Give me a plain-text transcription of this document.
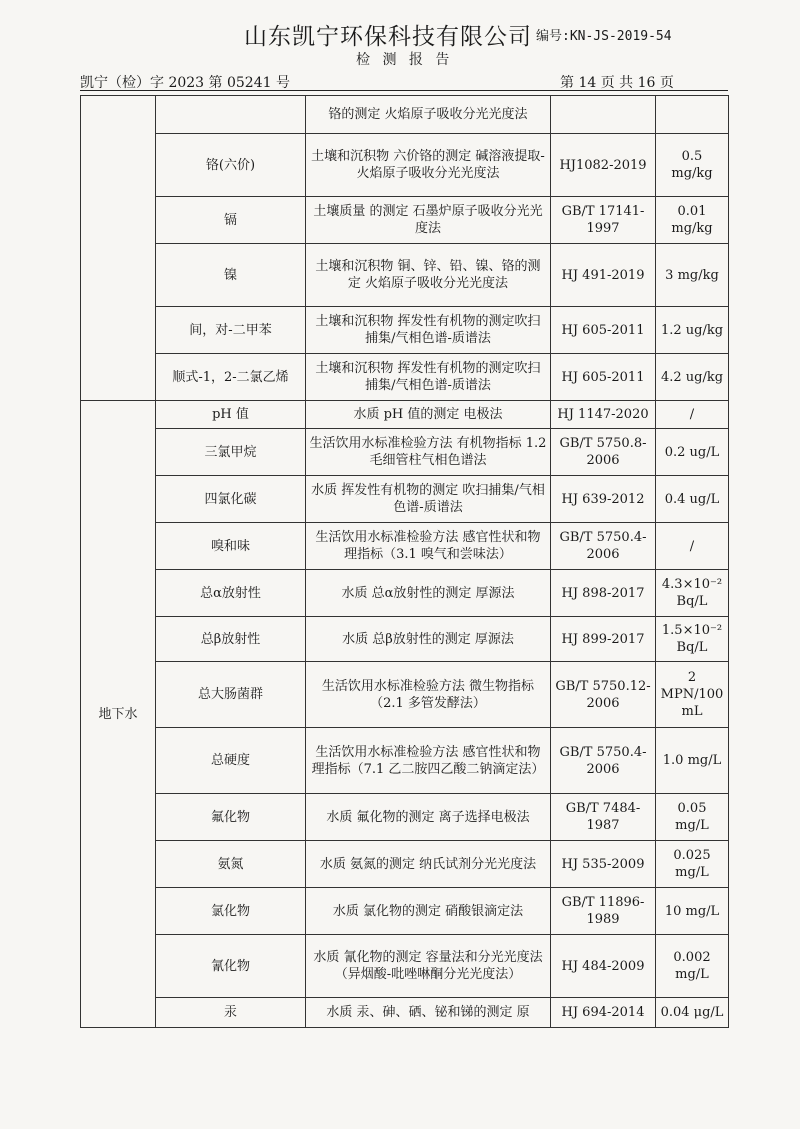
山东凯宁环保科技有限公司 编号:KN-JS-2019-54
检 测 报 告
凯宁（检）字 2023 第 05241 号	第 14 页 共 16 页
		铬的测定 火焰原子吸收分光光度法		
	铬(六价)	土壤和沉积物 六价铬的测定 碱溶液提取-火焰原子吸收分光光度法	HJ1082-2019	0.5 mg/kg
	镉	土壤质量 的测定 石墨炉原子吸收分光光度法	GB/T 17141-1997	0.01 mg/kg
	镍	土壤和沉积物 铜、锌、铅、镍、铬的测定 火焰原子吸收分光光度法	HJ 491-2019	3 mg/kg
	间，对-二甲苯	土壤和沉积物 挥发性有机物的测定吹扫捕集/气相色谱-质谱法	HJ 605-2011	1.2 ug/kg
	顺式-1，2-二氯乙烯	土壤和沉积物 挥发性有机物的测定吹扫捕集/气相色谱-质谱法	HJ 605-2011	4.2 ug/kg
地下水	pH 值	水质 pH 值的测定 电极法	HJ 1147-2020	/
	三氯甲烷	生活饮用水标准检验方法 有机物指标 1.2 毛细管柱气相色谱法	GB/T 5750.8-2006	0.2 ug/L
	四氯化碳	水质 挥发性有机物的测定 吹扫捕集/气相色谱-质谱法	HJ 639-2012	0.4 ug/L
	嗅和味	生活饮用水标准检验方法 感官性状和物理指标（3.1 嗅气和尝味法）	GB/T 5750.4-2006	/
	总α放射性	水质 总α放射性的测定 厚源法	HJ 898-2017	4.3×10⁻² Bq/L
	总β放射性	水质 总β放射性的测定 厚源法	HJ 899-2017	1.5×10⁻² Bq/L
	总大肠菌群	生活饮用水标准检验方法 微生物指标（2.1 多管发酵法）	GB/T 5750.12-2006	2 MPN/100 mL
	总硬度	生活饮用水标准检验方法 感官性状和物理指标（7.1 乙二胺四乙酸二钠滴定法）	GB/T 5750.4-2006	1.0 mg/L
	氟化物	水质 氟化物的测定 离子选择电极法	GB/T 7484-1987	0.05 mg/L
	氨氮	水质 氨氮的测定 纳氏试剂分光光度法	HJ 535-2009	0.025 mg/L
	氯化物	水质 氯化物的测定 硝酸银滴定法	GB/T 11896-1989	10 mg/L
	氰化物	水质 氰化物的测定 容量法和分光光度法（异烟酸-吡唑啉酮分光光度法）	HJ 484-2009	0.002 mg/L
	汞	水质 汞、砷、硒、铋和锑的测定 原	HJ 694-2014	0.04 μg/L
